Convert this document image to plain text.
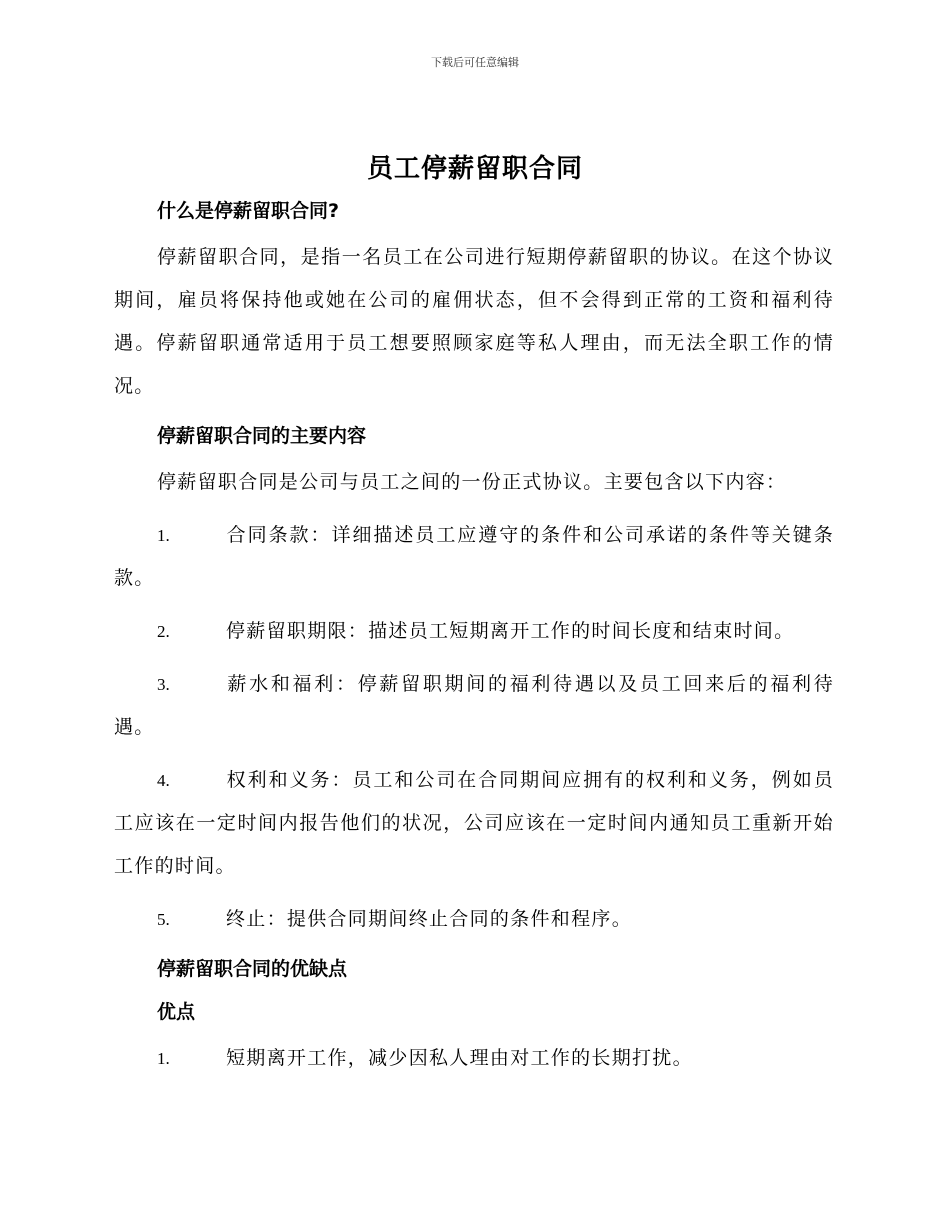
下载后可任意编辑
员工停薪留职合同
什么是停薪留职合同?
停薪留职合同，是指一名员工在公司进行短期停薪留职的协议。在这个协议期间，雇员将保持他或她在公司的雇佣状态，但不会得到正常的工资和福利待遇。停薪留职通常适用于员工想要照顾家庭等私人理由，而无法全职工作的情况。
停薪留职合同的主要内容
停薪留职合同是公司与员工之间的一份正式协议。主要包含以下内容：
1.	合同条款：详细描述员工应遵守的条件和公司承诺的条件等关键条款。
2.	停薪留职期限：描述员工短期离开工作的时间长度和结束时间。
3.	薪水和福利：停薪留职期间的福利待遇以及员工回来后的福利待遇。
4.	权利和义务：员工和公司在合同期间应拥有的权利和义务，例如员工应该在一定时间内报告他们的状况，公司应该在一定时间内通知员工重新开始工作的时间。
5.	终止：提供合同期间终止合同的条件和程序。
停薪留职合同的优缺点
优点
1.	短期离开工作，减少因私人理由对工作的长期打扰。
